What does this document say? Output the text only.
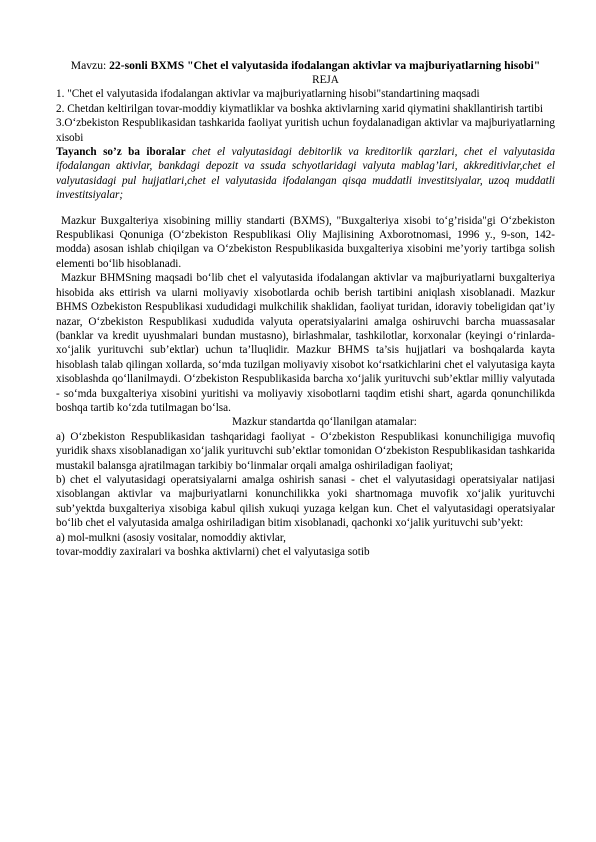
Mavzu: 22-sonli BXMS "Chet el valyutasida ifodalangan aktivlar va majburiyatlarning hisobi"

REJA

1. "Chet el valyutasida ifodalangan aktivlar va majburiyatlarning hisobi"standartining maqsadi

2. Chetdan keltirilgan tovar-moddiy kiymatliklar va boshka aktivlarning xarid qiymatini shakllantirish tartibi

3.O‘zbekiston Respublikasidan tashkarida faoliyat yuritish uchun foydalanadigan aktivlar va majburiyatlarning xisobi

Tayanch so’z ba iboralar chet el valyutasidagi debitorlik va kreditorlik qarzlari, chet el valyutasida ifodalangan aktivlar, bankdagi depozit va ssuda schyotlaridagi valyuta mablag’lari, akkreditivlar,chet el valyutasidagi pul hujjatlari,chet el valyutasida ifodalangan qisqa muddatli investitsiyalar, uzoq muddatli investitsiyalar;

Mazkur Buxgalteriya xisobining milliy standarti (BXMS), "Buxgalteriya xisobi to‘g’risida"gi O‘zbekiston Respublikasi Qonuniga (O‘zbekiston Respublikasi Oliy Majlisining Axborotnomasi, 1996 y., 9-son, 142-modda) asosan ishlab chiqilgan va O‘zbekiston Respublikasida buxgalteriya xisobini me’yoriy tartibga solish elementi bo‘lib hisoblanadi.

Mazkur BHMSning maqsadi bo‘lib chet el valyutasida ifodalangan aktivlar va majburiyatlarni buxgalteriya hisobida aks ettirish va ularni moliyaviy xisobotlarda ochib berish tartibini aniqlash xisoblanadi. Mazkur BHMS Ozbekiston Respublikasi xududidagi mulkchilik shaklidan, faoliyat turidan, idoraviy tobeligidan qat’iy nazar, O‘zbekiston Respublikasi xududida valyuta operatsiyalarini amalga oshiruvchi barcha muassasalar (banklar va kredit uyushmalari bundan mustasno), birlashmalar, tashkilotlar, korxonalar (keyingi o‘rinlarda- xo‘jalik yurituvchi sub’ektlar) uchun ta’lluqlidir. Mazkur BHMS ta’sis hujjatlari va boshqalarda kayta hisoblash talab qilingan xollarda, so‘mda tuzilgan moliyaviy xisobot ko‘rsatkichlarini chet el valyutasiga kayta xisoblashda qo‘llanilmaydi. O‘zbekiston Respublikasida barcha xo‘jalik yurituvchi sub’ektlar milliy valyutada - so‘mda buxgalteriya xisobini yuritishi va moliyaviy xisobotlarni taqdim etishi shart, agarda qonunchilikda boshqa tartib ko‘zda tutilmagan bo‘lsa.

Mazkur standartda qo‘llanilgan atamalar:

a) O‘zbekiston Respublikasidan tashqaridagi faoliyat - O‘zbekiston Respublikasi konunchiligiga muvofiq yuridik shaxs xisoblanadigan xo‘jalik yurituvchi sub’ektlar tomonidan O‘zbekiston Respublikasidan tashkarida mustakil balansga ajratilmagan tarkibiy bo‘linmalar orqali amalga oshiriladigan faoliyat;

b) chet el valyutasidagi operatsiyalarni amalga oshirish sanasi - chet el valyutasidagi operatsiyalar natijasi xisoblangan aktivlar va majburiyatlarni konunchilikka yoki shartnomaga muvofik xo‘jalik yurituvchi sub’yektda buxgalteriya xisobiga kabul qilish xukuqi yuzaga kelgan kun. Chet el valyutasidagi operatsiyalar bo‘lib chet el valyutasida amalga oshiriladigan bitim xisoblanadi, qachonki xo‘jalik yurituvchi sub’yekt:

a) mol-mulkni (asosiy vositalar, nomoddiy aktivlar,

tovar-moddiy zaxiralari va boshka aktivlarni) chet el valyutasiga sotib
